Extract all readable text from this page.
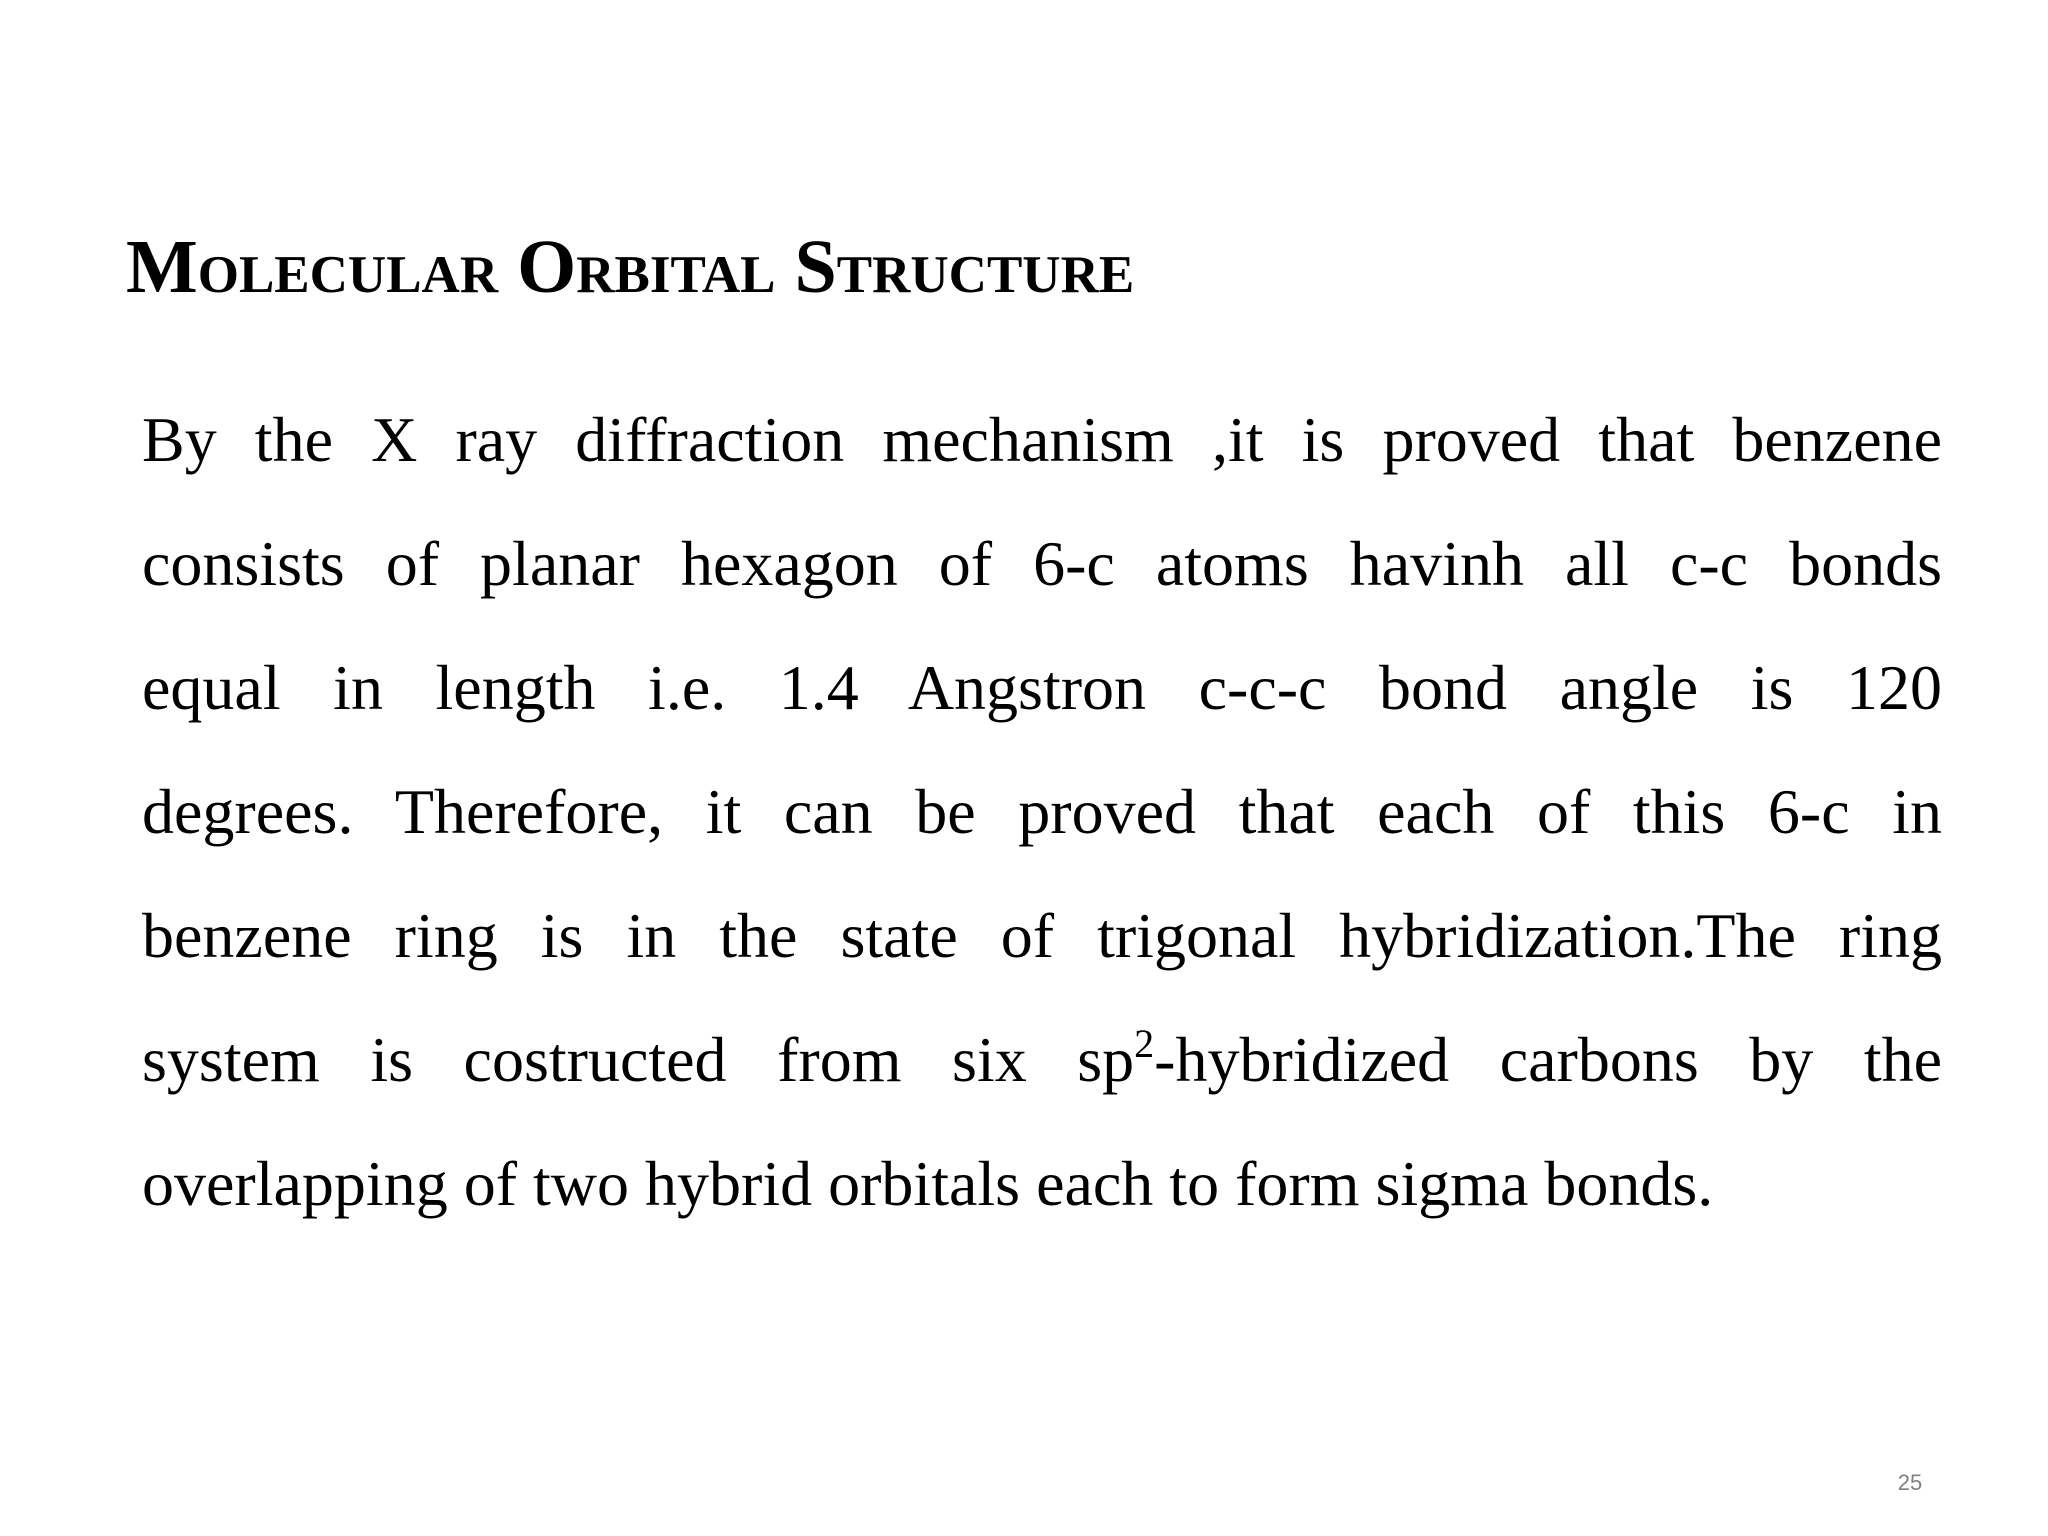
Molecular Orbital Structure
By the X ray diffraction mechanism ,it is proved that benzene
consists of planar hexagon of 6-c atoms havinh all c-c bonds
equal in length i.e. 1.4 Angstron c-c-c bond angle is 120
degrees. Therefore, it can be proved that each of this 6-c in
benzene ring is in the state of trigonal hybridization.The ring
system is costructed from six $sp^2$-hybridized carbons by the
overlapping of two hybrid orbitals each to form sigma bonds.
25
